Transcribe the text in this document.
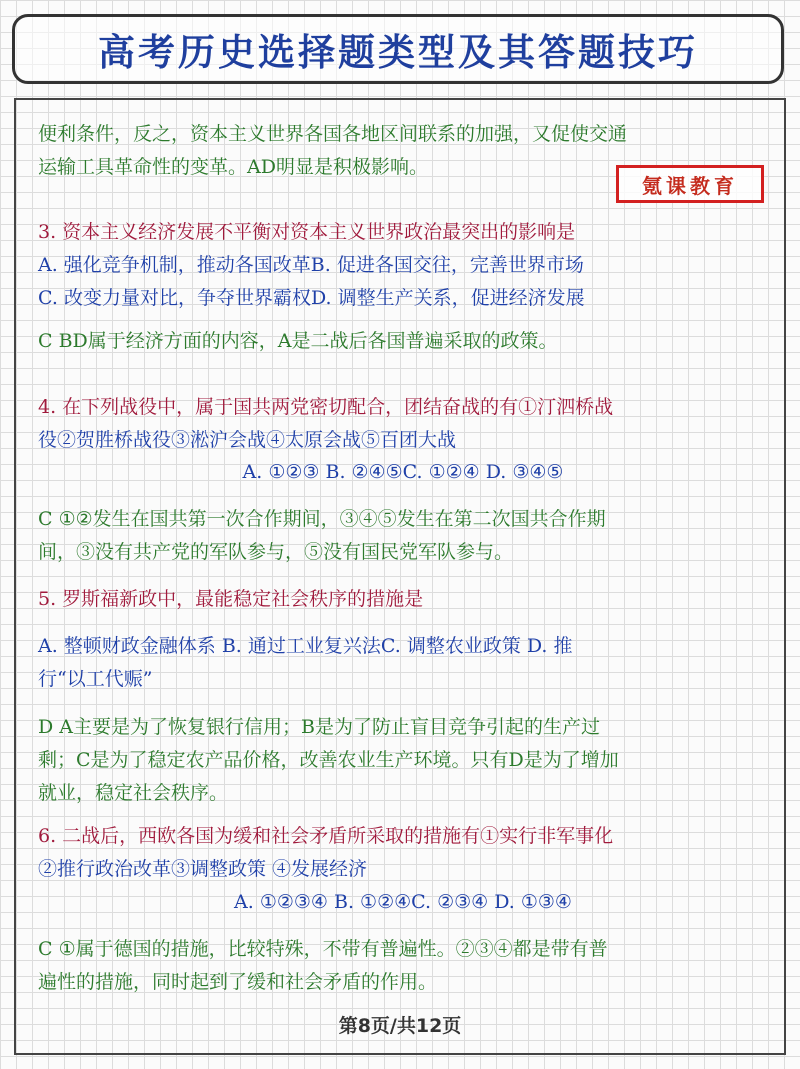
高考历史选择题类型及其答题技巧
氪课教育
便利条件，反之，资本主义世界各国各地区间联系的加强，又促使交通
运输工具革命性的变革。AD明显是积极影响。
3. 资本主义经济发展不平衡对资本主义世界政治最突出的影响是
A. 强化竞争机制，推动各国改革B. 促进各国交往，完善世界市场
C. 改变力量对比，争夺世界霸权D. 调整生产关系，促进经济发展
C BD属于经济方面的内容，A是二战后各国普遍采取的政策。
4. 在下列战役中，属于国共两党密切配合，团结奋战的有①汀泗桥战
役②贺胜桥战役③淞沪会战④太原会战⑤百团大战
A. ①②③ B. ②④⑤C. ①②④ D. ③④⑤
C ①②发生在国共第一次合作期间，③④⑤发生在第二次国共合作期
间，③没有共产党的军队参与，⑤没有国民党军队参与。
5. 罗斯福新政中，最能稳定社会秩序的措施是
A. 整顿财政金融体系 B. 通过工业复兴法C. 调整农业政策 D. 推
行“以工代赈”
D A主要是为了恢复银行信用；B是为了防止盲目竞争引起的生产过
剩；C是为了稳定农产品价格，改善农业生产环境。只有D是为了增加
就业，稳定社会秩序。
6. 二战后，西欧各国为缓和社会矛盾所采取的措施有①实行非军事化
②推行政治改革③调整政策 ④发展经济
A. ①②③④ B. ①②④C. ②③④ D. ①③④
C ①属于德国的措施，比较特殊，不带有普遍性。②③④都是带有普
遍性的措施，同时起到了缓和社会矛盾的作用。
第8页/共12页
